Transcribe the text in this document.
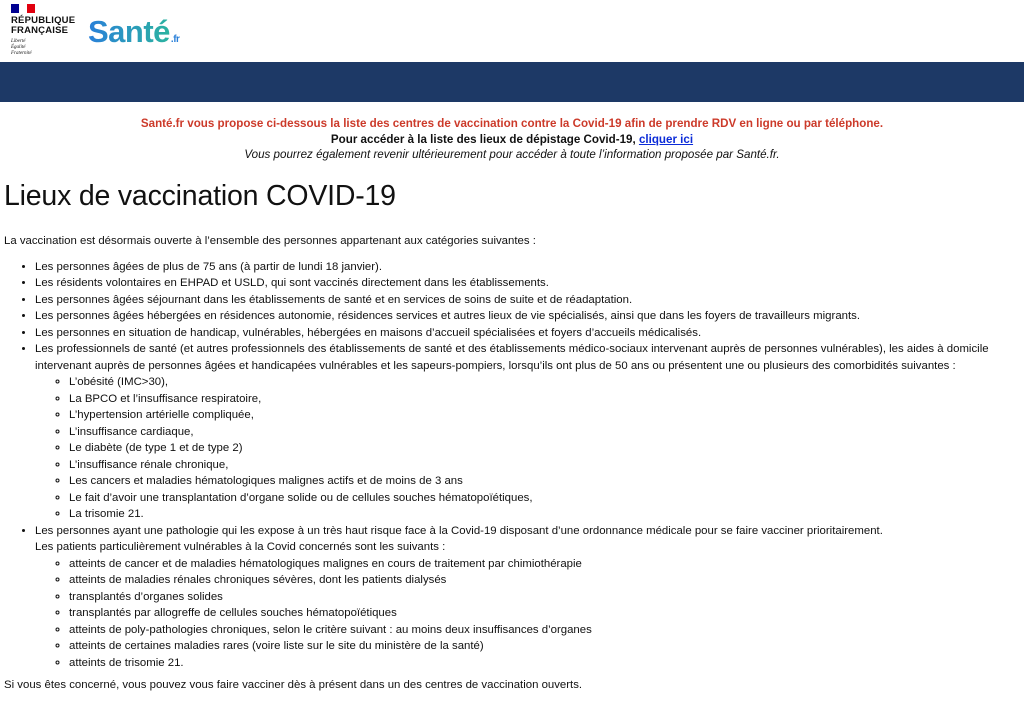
RÉPUBLIQUE
FRANÇAISE
Liberté
Égalité
Fraternité
Santé.fr
Santé.fr vous propose ci-dessous la liste des centres de vaccination contre la Covid-19 afin de prendre RDV en ligne ou par téléphone.
Pour accéder à la liste des lieux de dépistage Covid-19, cliquer ici
Vous pourrez également revenir ultérieurement pour accéder à toute l’information proposée par Santé.fr.
Lieux de vaccination COVID-19

La vaccination est désormais ouverte à l’ensemble des personnes appartenant aux catégories suivantes :

• Les personnes âgées de plus de 75 ans (à partir de lundi 18 janvier).
• Les résidents volontaires en EHPAD et USLD, qui sont vaccinés directement dans les établissements.
• Les personnes âgées séjournant dans les établissements de santé et en services de soins de suite et de réadaptation.
• Les personnes âgées hébergées en résidences autonomie, résidences services et autres lieux de vie spécialisés, ainsi que dans les foyers de travailleurs migrants.
• Les personnes en situation de handicap, vulnérables, hébergées en maisons d’accueil spécialisées et foyers d’accueils médicalisés.
• Les professionnels de santé (et autres professionnels des établissements de santé et des établissements médico-sociaux intervenant auprès de personnes vulnérables), les aides à domicile intervenant auprès de personnes âgées et handicapées vulnérables et les sapeurs-pompiers, lorsqu’ils ont plus de 50 ans ou présentent une ou plusieurs des comorbidités suivantes :
◦ L’obésité (IMC>30),
◦ La BPCO et l’insuffisance respiratoire,
◦ L’hypertension artérielle compliquée,
◦ L’insuffisance cardiaque,
◦ Le diabète (de type 1 et de type 2)
◦ L’insuffisance rénale chronique,
◦ Les cancers et maladies hématologiques malignes actifs et de moins de 3 ans
◦ Le fait d’avoir une transplantation d’organe solide ou de cellules souches hématopoïétiques,
◦ La trisomie 21.
• Les personnes ayant une pathologie qui les expose à un très haut risque face à la Covid-19 disposant d’une ordonnance médicale pour se faire vacciner prioritairement.
Les patients particulièrement vulnérables à la Covid concernés sont les suivants :
◦ atteints de cancer et de maladies hématologiques malignes en cours de traitement par chimiothérapie
◦ atteints de maladies rénales chroniques sévères, dont les patients dialysés
◦ transplantés d’organes solides
◦ transplantés par allogreffe de cellules souches hématopoïétiques
◦ atteints de poly-pathologies chroniques, selon le critère suivant : au moins deux insuffisances d’organes
◦ atteints de certaines maladies rares (voire liste sur le site du ministère de la santé)
◦ atteints de trisomie 21.

Si vous êtes concerné, vous pouvez vous faire vacciner dès à présent dans un des centres de vaccination ouverts.
